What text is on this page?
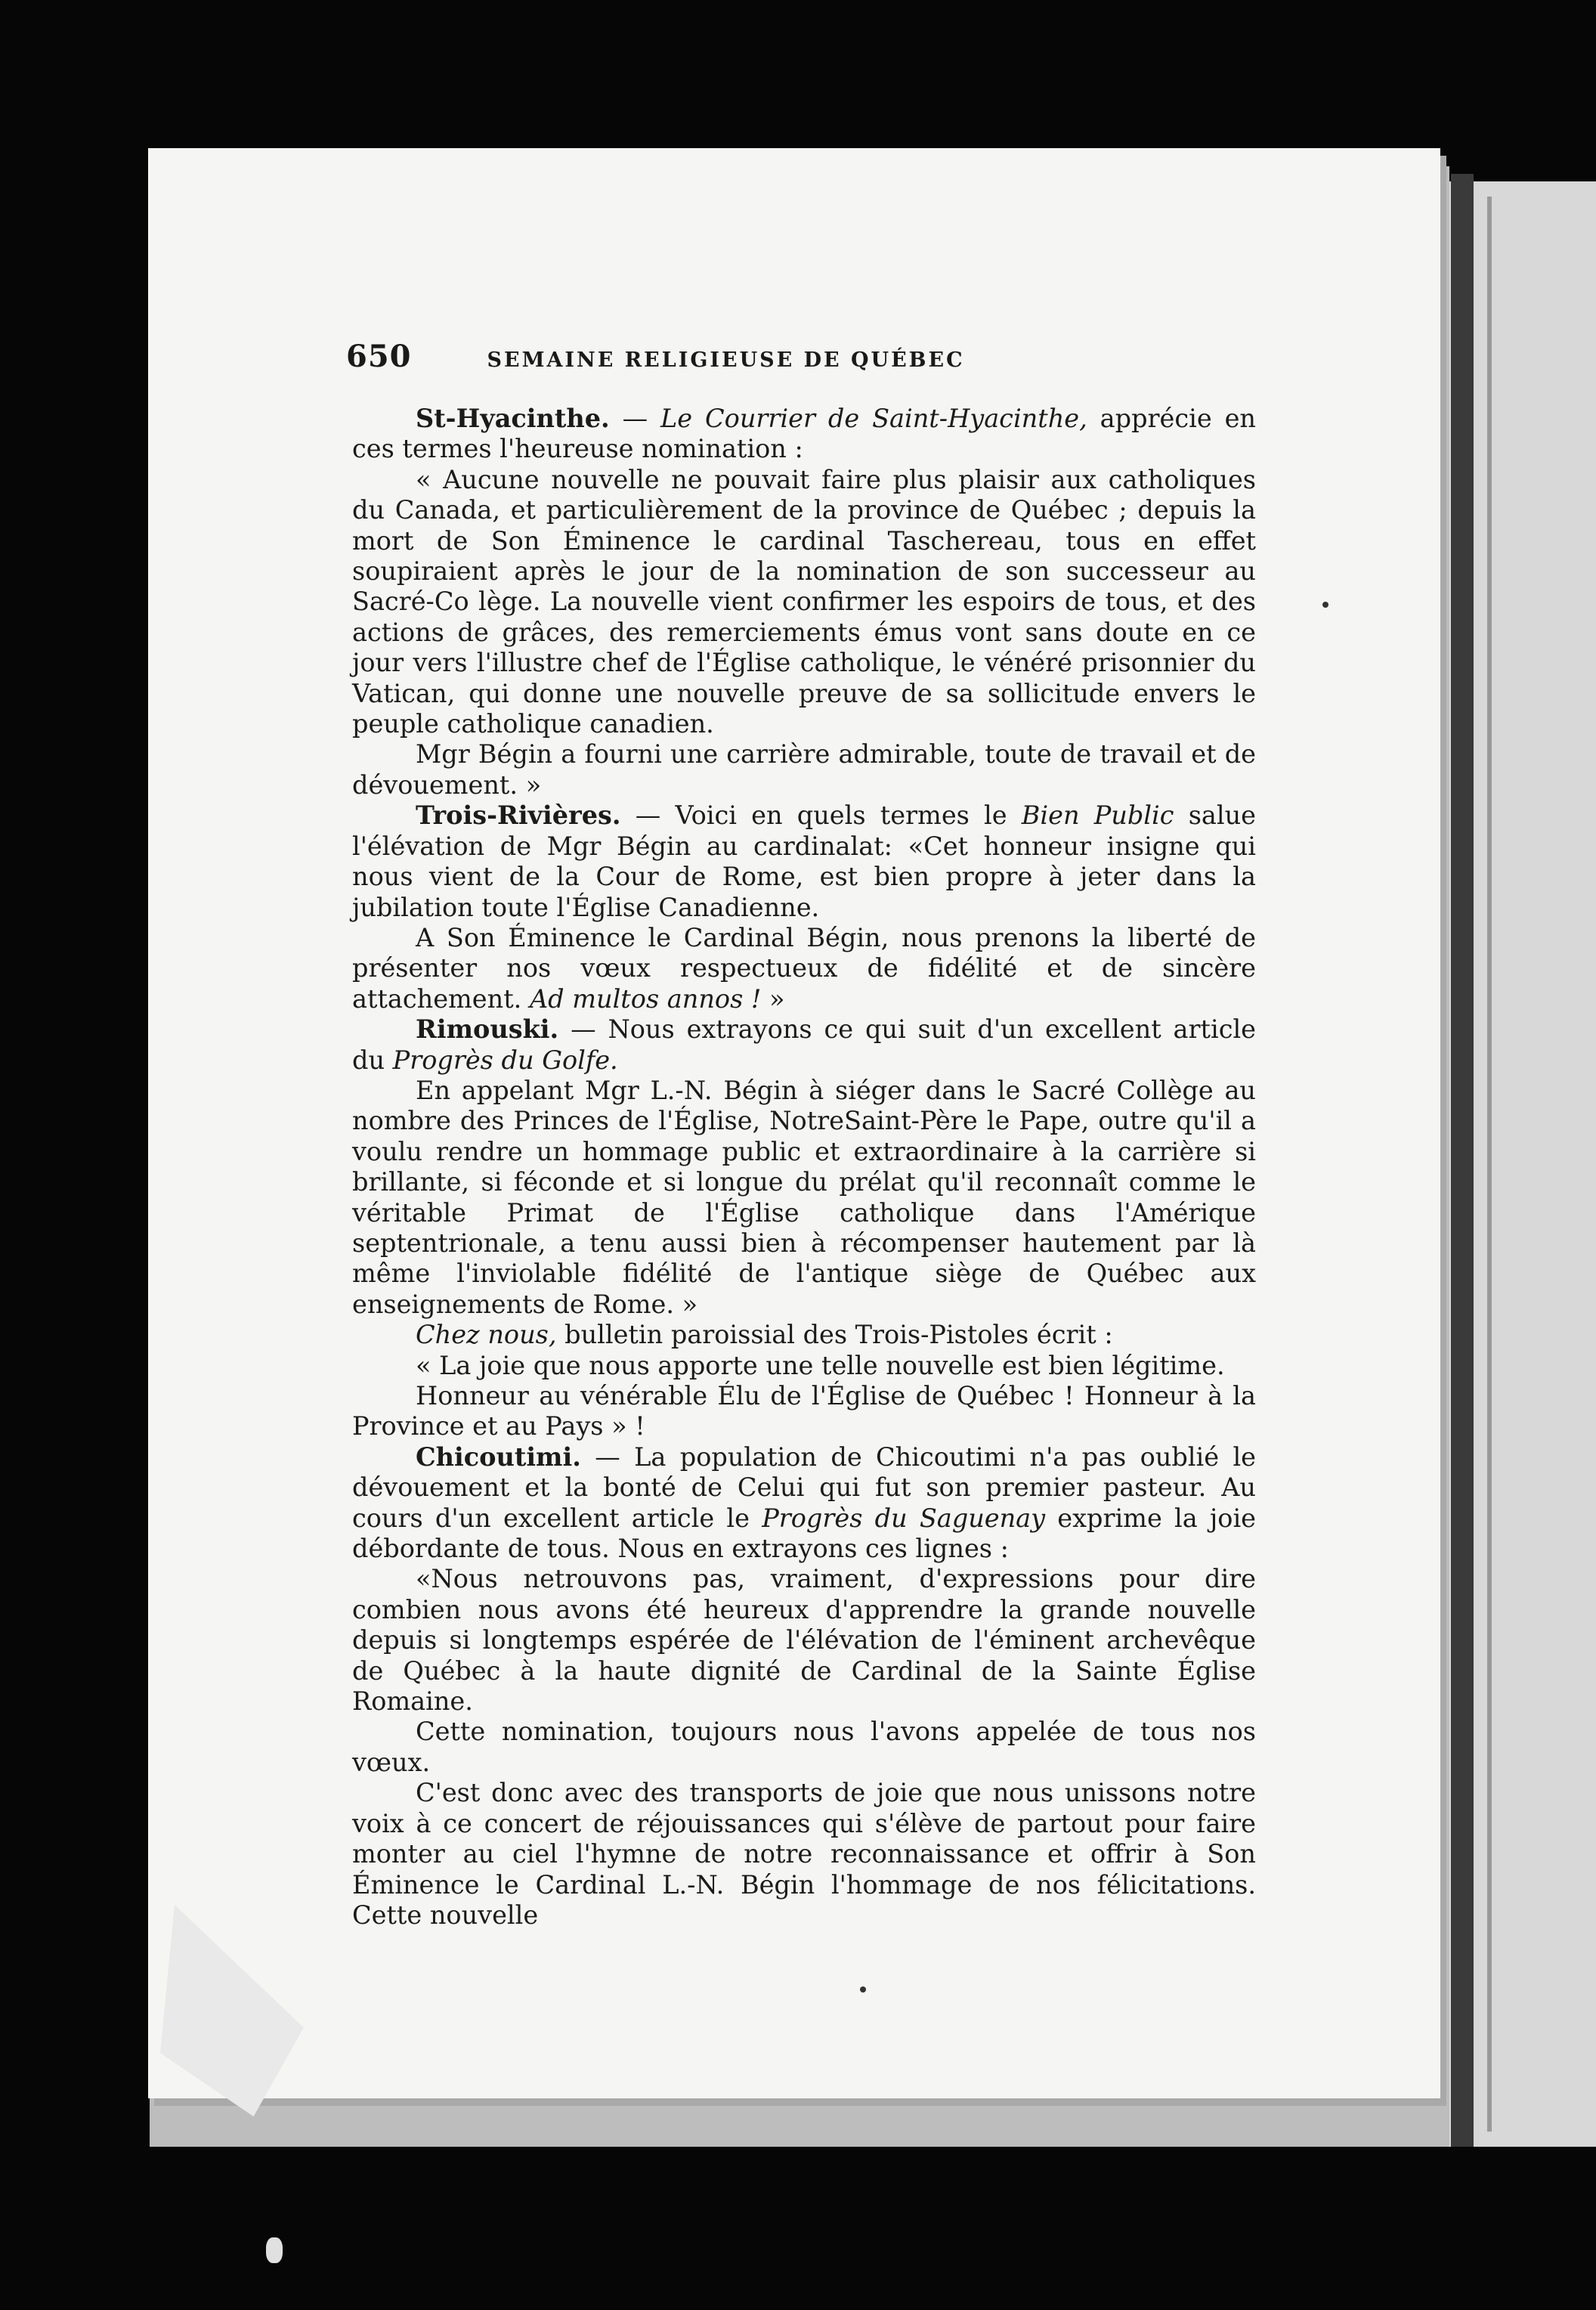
650	SEMAINE RELIGIEUSE DE QUÉBEC

St-Hyacinthe. — Le Courrier de Saint-Hyacinthe, apprécie en ces termes l'heureuse nomination :

« Aucune nouvelle ne pouvait faire plus plaisir aux catholiques du Canada, et particulièrement de la province de Québec ; depuis la mort de Son Éminence le cardinal Taschereau, tous en effet soupiraient après le jour de la nomination de son successeur au Sacré-Co lège. La nouvelle vient confirmer les espoirs de tous, et des actions de grâces, des remerciements émus vont sans doute en ce jour vers l'illustre chef de l'Église catholique, le vénéré prisonnier du Vatican, qui donne une nouvelle preuve de sa sollicitude envers le peuple catholique canadien.

Mgr Bégin a fourni une carrière admirable, toute de travail et de dévouement. »

Trois-Rivières. — Voici en quels termes le Bien Public salue l'élévation de Mgr Bégin au cardinalat: «Cet honneur insigne qui nous vient de la Cour de Rome, est bien propre à jeter dans la jubilation toute l'Église Canadienne.

A Son Éminence le Cardinal Bégin, nous prenons la liberté de présenter nos vœux respectueux de fidélité et de sincère attachement. Ad multos annos ! »

Rimouski. — Nous extrayons ce qui suit d'un excellent article du Progrès du Golfe.

En appelant Mgr L.-N. Bégin à siéger dans le Sacré Collège au nombre des Princes de l'Église, NotreSaint-Père le Pape, outre qu'il a voulu rendre un hommage public et extraordinaire à la carrière si brillante, si féconde et si longue du prélat qu'il reconnaît comme le véritable Primat de l'Église catholique dans l'Amérique septentrionale, a tenu aussi bien à récompenser hautement par là même l'inviolable fidélité de l'antique siège de Québec aux enseignements de Rome. »

Chez nous, bulletin paroissial des Trois-Pistoles écrit :

« La joie que nous apporte une telle nouvelle est bien légitime.

Honneur au vénérable Élu de l'Église de Québec ! Honneur à la Province et au Pays » !

Chicoutimi. — La population de Chicoutimi n'a pas oublié le dévouement et la bonté de Celui qui fut son premier pasteur. Au cours d'un excellent article le Progrès du Saguenay exprime la joie débordante de tous. Nous en extrayons ces lignes :

«Nous netrouvons pas, vraiment, d'expressions pour dire combien nous avons été heureux d'apprendre la grande nouvelle depuis si longtemps espérée de l'élévation de l'éminent archevêque de Québec à la haute dignité de Cardinal de la Sainte Église Romaine.

Cette nomination, toujours nous l'avons appelée de tous nos vœux.

C'est donc avec des transports de joie que nous unissons notre voix à ce concert de réjouissances qui s'élève de partout pour faire monter au ciel l'hymne de notre reconnaissance et offrir à Son Éminence le Cardinal L.-N. Bégin l'hommage de nos félicitations. Cette nouvelle
